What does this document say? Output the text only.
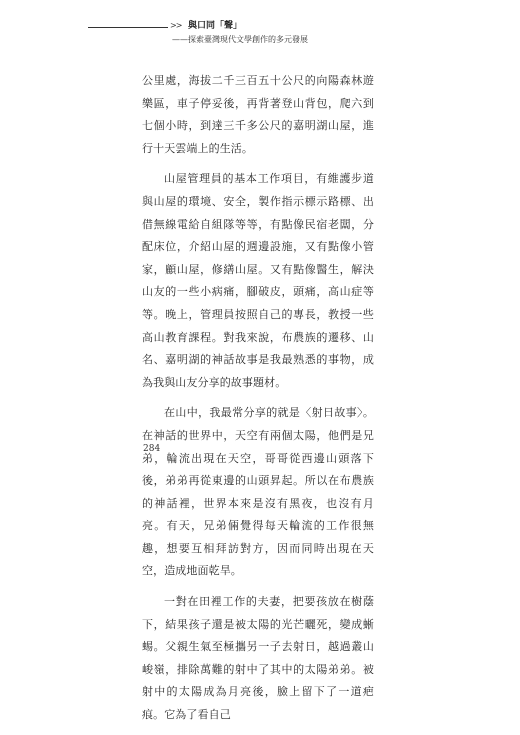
>> 與口同「聲」
——探索臺灣現代文學創作的多元發展

公里處，海拔二千三百五十公尺的向陽森林遊樂區，車子停妥後，再背著登山背包，爬六到七個小時，到達三千多公尺的嘉明湖山屋，進行十天雲端上的生活。

山屋管理員的基本工作項目，有維護步道與山屋的環境、安全，製作指示標示路標、出借無線電給自組隊等等，有點像民宿老闆，分配床位，介紹山屋的週邊設施，又有點像小管家，顧山屋，修繕山屋。又有點像醫生，解決山友的一些小病痛，腳破皮，頭痛，高山症等等。晚上，管理員按照自己的專長，教授一些高山教育課程。對我來說，布農族的遷移、山名、嘉明湖的神話故事是我最熟悉的事物，成為我與山友分享的故事題材。

在山中，我最常分享的就是〈射日故事〉。在神話的世界中，天空有兩個太陽，他們是兄弟，輪流出現在天空，哥哥從西邊山頭落下後，弟弟再從東邊的山頭昇起。所以在布農族的神話裡，世界本來是沒有黑夜，也沒有月亮。有天，兄弟倆覺得每天輪流的工作很無趣，想要互相拜訪對方，因而同時出現在天空，造成地面乾旱。

一對在田裡工作的夫妻，把要孩放在樹蔭下，結果孩子還是被太陽的光芒曬死，變成蜥蜴。父親生氣至極攜另一子去射日，越過叢山峻嶺，排除萬難的射中了其中的太陽弟弟。被射中的太陽成為月亮後，臉上留下了一道疤痕。它為了看自己

284
